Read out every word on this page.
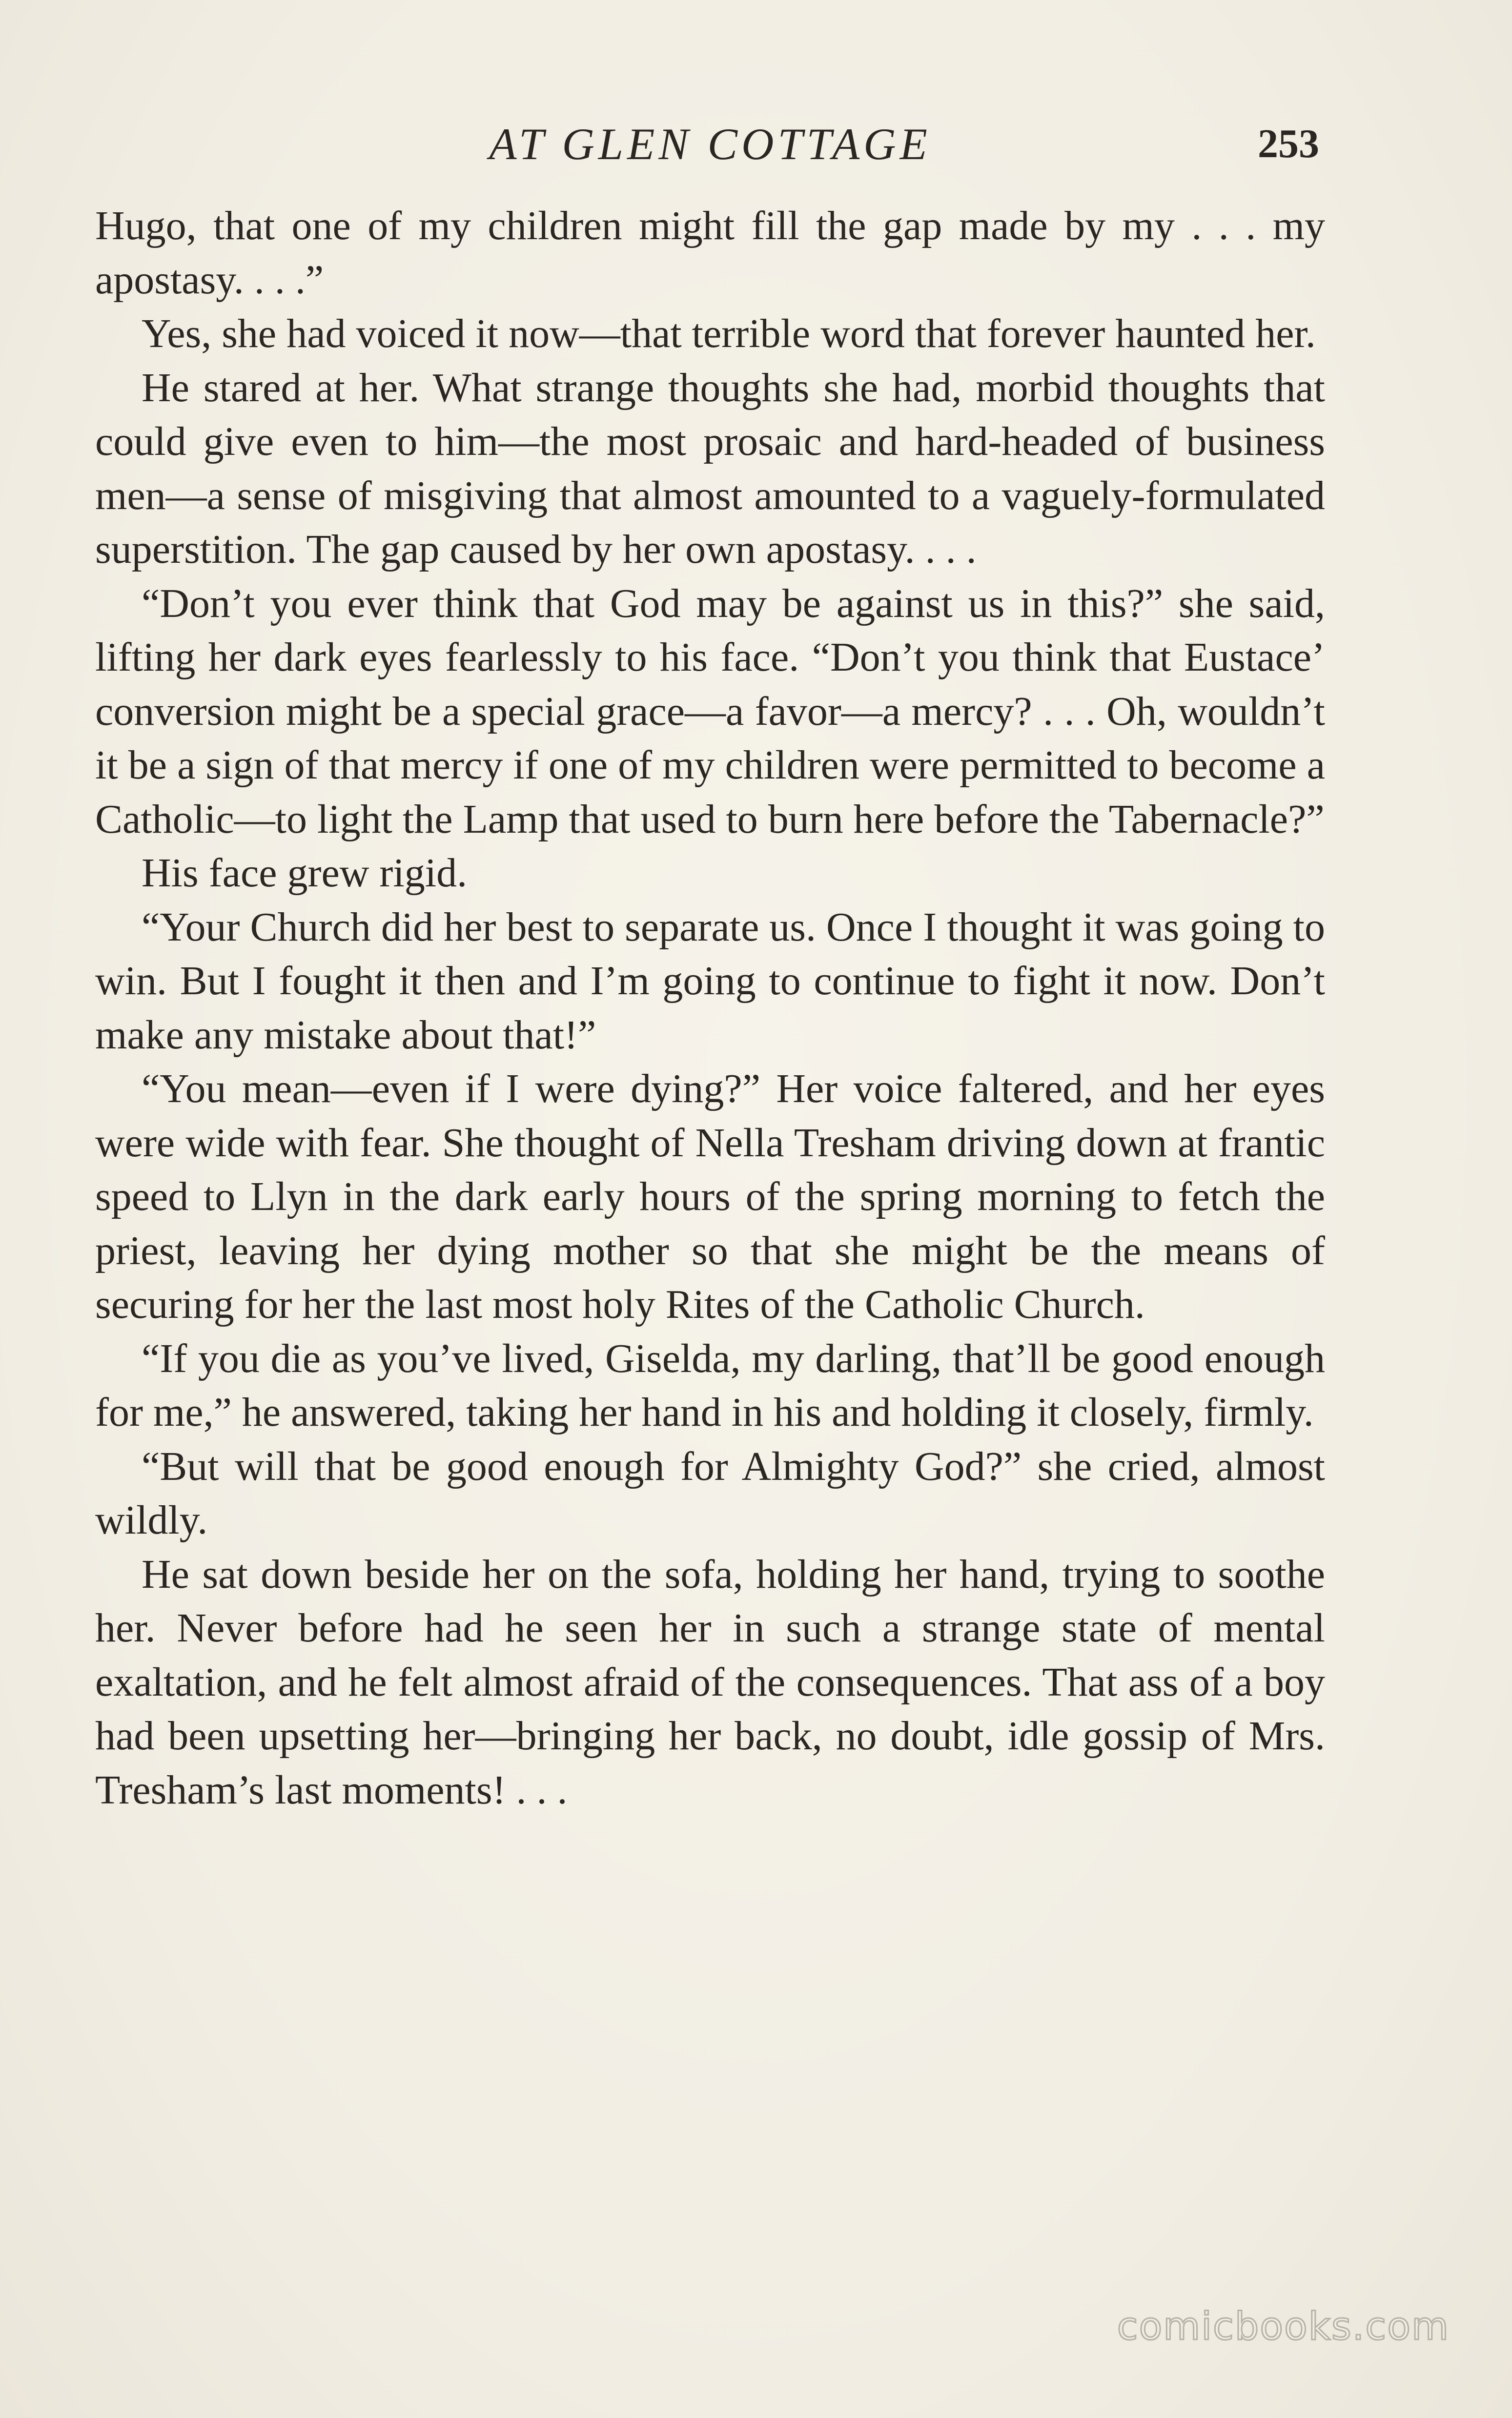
AT GLEN COTTAGE	253

Hugo, that one of my children might fill the gap made by my . . . my apostasy. . . .”

Yes, she had voiced it now—that terrible word that forever haunted her.

He stared at her. What strange thoughts she had, morbid thoughts that could give even to him—the most prosaic and hard-headed of business men—a sense of misgiving that almost amounted to a vaguely-formulated superstition. The gap caused by her own apostasy. . . .

“Don’t you ever think that God may be against us in this?” she said, lifting her dark eyes fearlessly to his face. “Don’t you think that Eustace’ conversion might be a special grace—a favor—a mercy? . . . Oh, wouldn’t it be a sign of that mercy if one of my children were permitted to become a Catholic—to light the Lamp that used to burn here before the Tabernacle?”

His face grew rigid.

“Your Church did her best to separate us. Once I thought it was going to win. But I fought it then and I’m going to continue to fight it now. Don’t make any mistake about that!”

“You mean—even if I were dying?” Her voice faltered, and her eyes were wide with fear. She thought of Nella Tresham driving down at frantic speed to Llyn in the dark early hours of the spring morning to fetch the priest, leaving her dying mother so that she might be the means of securing for her the last most holy Rites of the Catholic Church.

“If you die as you’ve lived, Giselda, my darling, that’ll be good enough for me,” he answered, taking her hand in his and holding it closely, firmly.

“But will that be good enough for Almighty God?” she cried, almost wildly.

He sat down beside her on the sofa, holding her hand, trying to soothe her. Never before had he seen her in such a strange state of mental exaltation, and he felt almost afraid of the consequences. That ass of a boy had been upsetting her—bringing her back, no doubt, idle gossip of Mrs. Tresham’s last moments! . . .

comicbooks.com
